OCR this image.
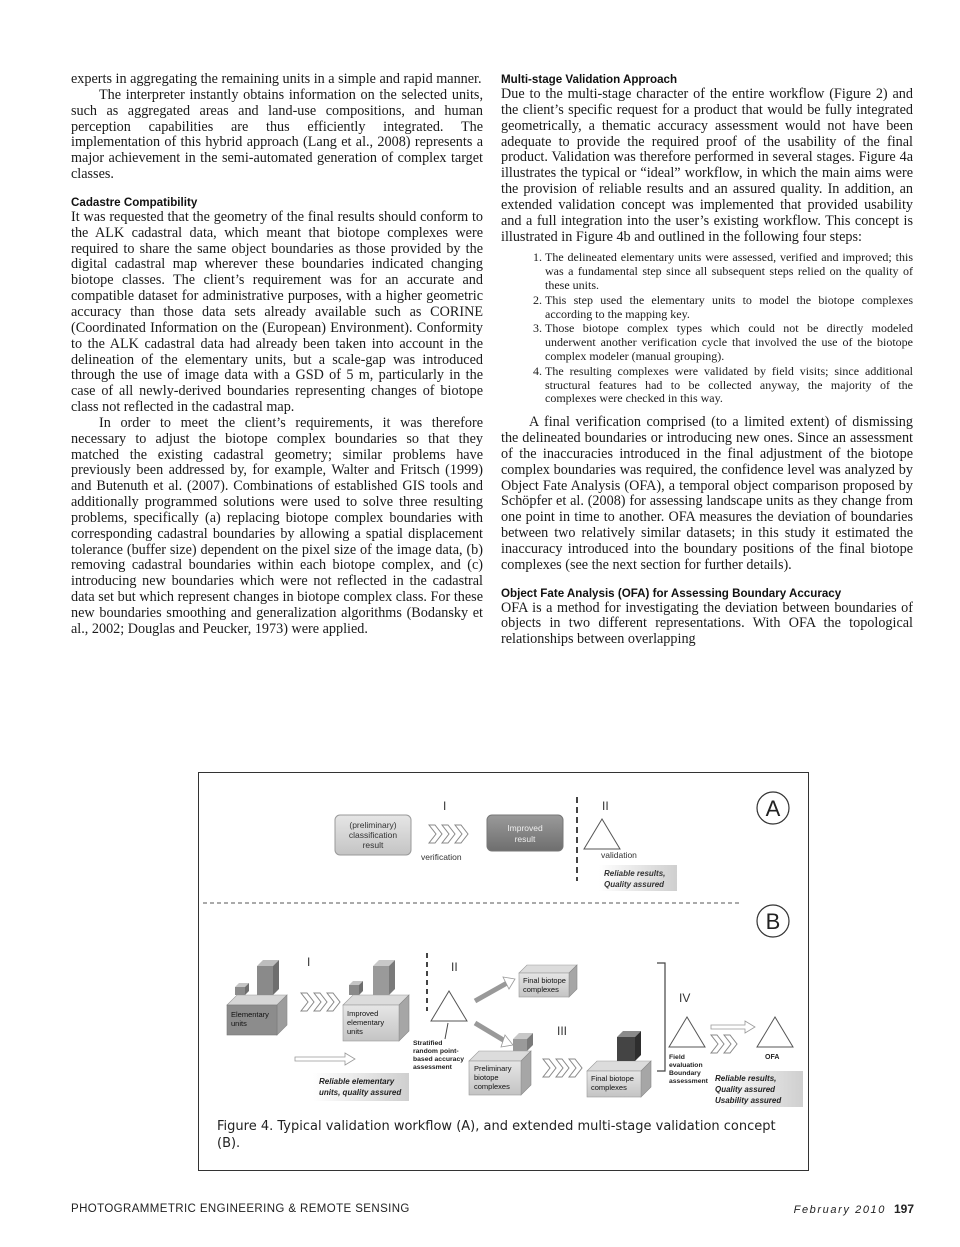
experts in aggregating the remaining units in a simple and rapid manner.

The interpreter instantly obtains information on the selected units, such as aggregated areas and land-use compositions, and human perception capabilities are thus efficiently integrated. The implementation of this hybrid approach (Lang et al., 2008) represents a major achievement in the semi-automated generation of complex target classes.

Cadastre Compatibility

It was requested that the geometry of the final results should conform to the ALK cadastral data, which meant that biotope complexes were required to share the same object boundaries as those provided by the digital cadastral map wherever these boundaries indicated changing biotope classes. The client’s requirement was for an accurate and compatible dataset for administrative purposes, with a higher geometric accuracy than those data sets already available such as CORINE (Coordinated Information on the (European) Environment). Conformity to the ALK cadastral data had already been taken into account in the delineation of the elementary units, but a scale-gap was introduced through the use of image data with a GSD of 5 m, particularly in the case of all newly-derived boundaries representing changes of biotope class not reflected in the cadastral map.

In order to meet the client’s requirements, it was therefore necessary to adjust the biotope complex boundaries so that they matched the existing cadastral geometry; similar problems have previously been addressed by, for example, Walter and Fritsch (1999) and Butenuth et al. (2007). Combinations of established GIS tools and additionally programmed solutions were used to solve three resulting problems, specifically (a) replacing biotope complex boundaries with corresponding cadastral boundaries by allowing a spatial displacement tolerance (buffer size) dependent on the pixel size of the image data, (b) removing cadastral boundaries within each biotope complex, and (c) introducing new boundaries which were not reflected in the cadastral data set but which represent changes in biotope complex class. For these new boundaries smoothing and generalization algorithms (Bodansky et al., 2002; Douglas and Peucker, 1973) were applied.

Multi-stage Validation Approach

Due to the multi-stage character of the entire workflow (Figure 2) and the client’s specific request for a product that would be fully integrated geometrically, a thematic accuracy assessment would not have been adequate to provide the required proof of the usability of the final product. Validation was therefore performed in several stages. Figure 4a illustrates the typical or “ideal” workflow, in which the main aims were the provision of reliable results and an assured quality. In addition, an extended validation concept was implemented that provided usability and a full integration into the user’s existing workflow. This concept is illustrated in Figure 4b and outlined in the following four steps:

1. The delineated elementary units were assessed, verified and improved; this was a fundamental step since all subsequent steps relied on the quality of these units.
2. This step used the elementary units to model the biotope complexes according to the mapping key.
3. Those biotope complex types which could not be directly modeled underwent another verification cycle that involved the use of the biotope complex modeler (manual grouping).
4. The resulting complexes were validated by field visits; since additional structural features had to be collected anyway, the majority of the complexes were checked in this way.

A final verification comprised (to a limited extent) of dismissing the delineated boundaries or introducing new ones. Since an assessment of the inaccuracies introduced in the final adjustment of the biotope complex boundaries was required, the confidence level was analyzed by Object Fate Analysis (OFA), a temporal object comparison proposed by Schöpfer et al. (2008) for assessing landscape units as they change from one point in time to another. OFA measures the deviation of boundaries between two relatively similar datasets; in this study it estimated the inaccuracy introduced into the boundary positions of the final biotope complexes (see the next section for further details).

Object Fate Analysis (OFA) for Assessing Boundary Accuracy

OFA is a method for investigating the deviation between boundaries of objects in two different representations. With OFA the topological relationships between overlapping

I	II
(preliminary)
classification
result
verification
Improved
result
validation
Reliable results,
Quality assured
A
B
I	II
III
IV
Elementary
units
Improved
elementary
units
Reliable elementary
units, quality assured
Stratified
random point-
based accuracy
assessment
Final biotope
complexes
Preliminary
biotope
complexes
Final biotope
complexes
Field
evaluation
Boundary
assessment
OFA
Reliable results,
Quality assured
Usability assured
Figure 4. Typical validation workflow (A), and extended multi-stage validation concept (B).
PHOTOGRAMMETRIC ENGINEERING & REMOTE SENSING	February 2010 197
